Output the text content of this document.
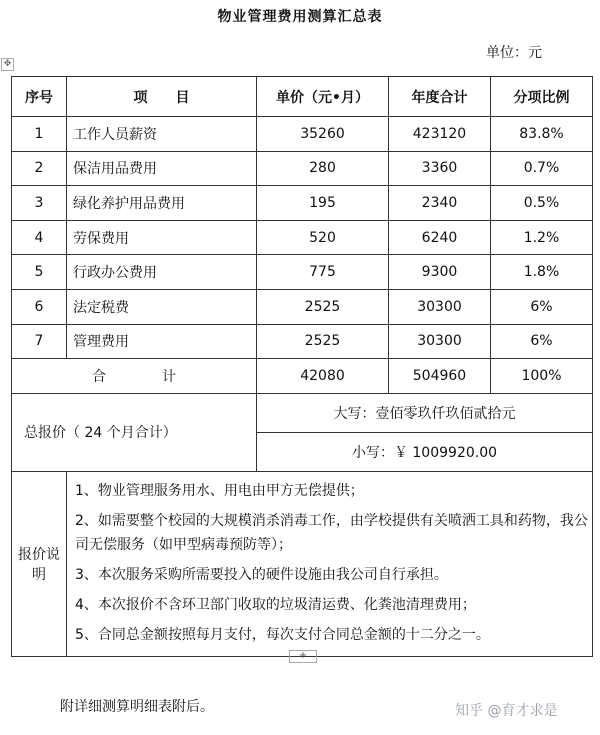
物业管理费用测算汇总表
单位：元
✥
序号	项　　目	单价（元•月）	年度合计	分项比例
1	工作人员薪资	35260	423120	83.8%
2	保洁用品费用	280	3360	0.7%
3	绿化养护用品费用	195	2340	0.5%
4	劳保费用	520	6240	1.2%
5	行政办公费用	775	9300	1.8%
6	法定税费	2525	30300	6%
7	管理费用	2525	30300	6%
合　　　　计		42080	504960	100%
总报价（ 24 个月合计）		大写：壹佰零玖仟玖佰贰拾元		
		小写：￥ 1009920.00		
报价说明	1、物业管理服务用水、用电由甲方无偿提供；

2、如需要整个校园的大规模消杀消毒工作，由学校提供有关喷洒工具和药物，我公司无偿服务（如甲型病毒预防等）；

3、本次服务采购所需要投入的硬件设施由我公司自行承担。

4、本次报价不含环卫部门收取的垃圾清运费、化粪池清理费用；

5、合同总金额按照每月支付，每次支付合同总金额的十二分之一。			

+
附详细测算明细表附后。	知乎 @育才求是
